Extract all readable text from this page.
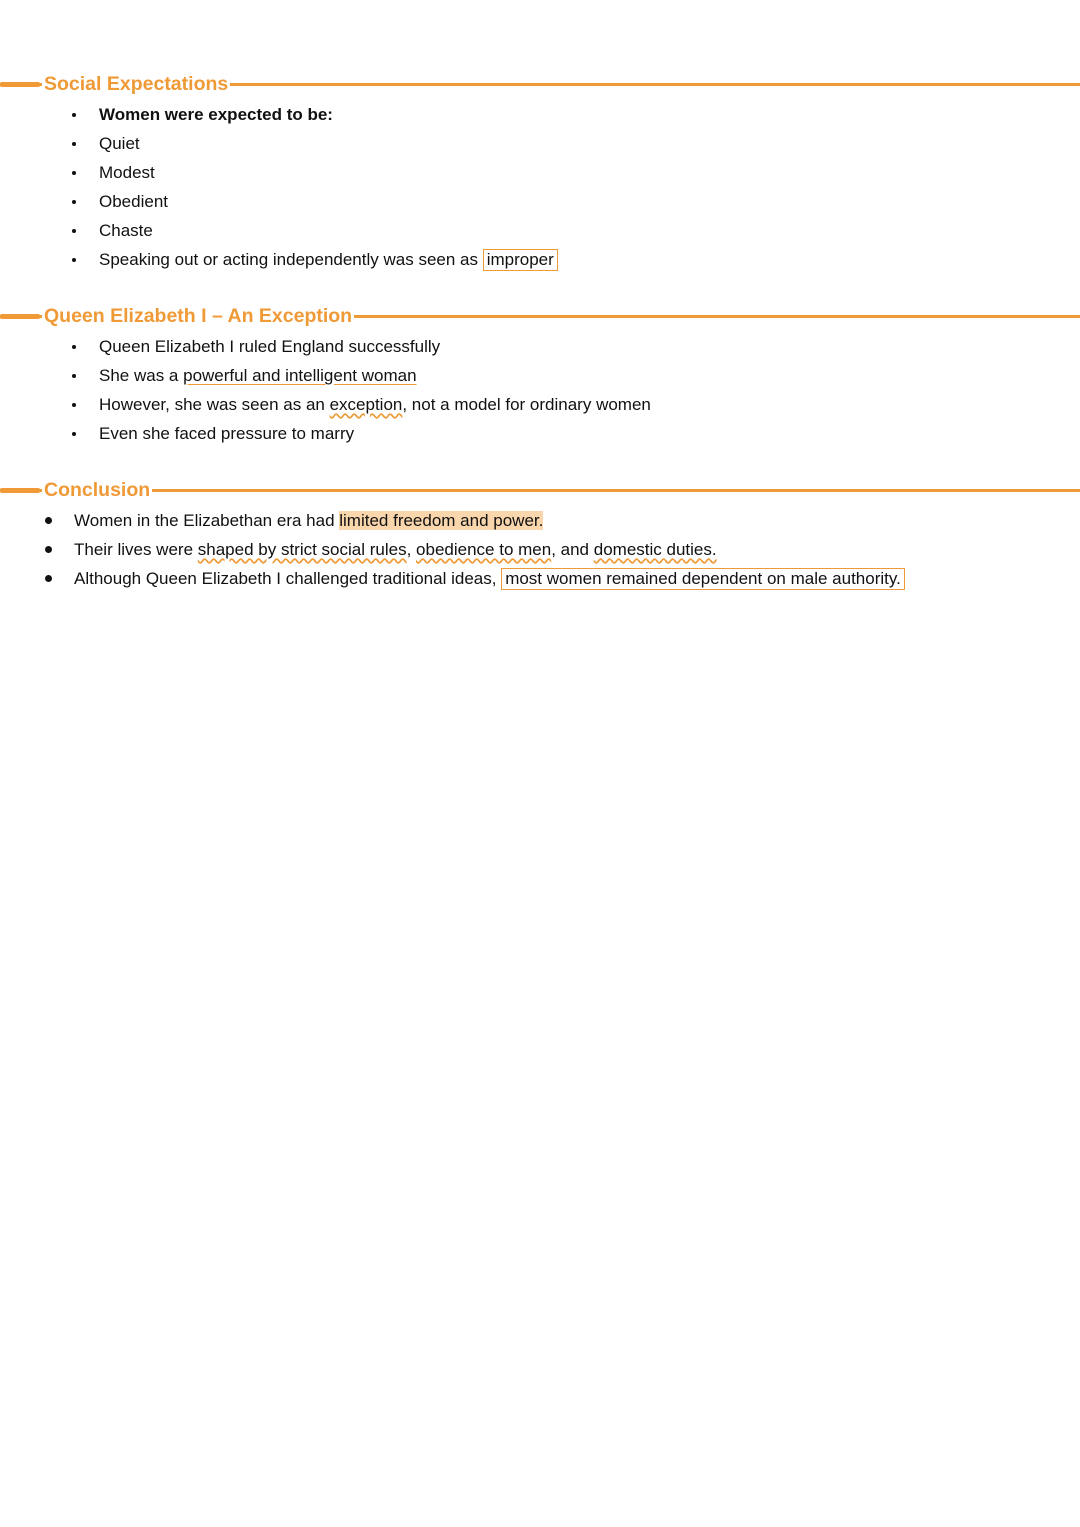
Social Expectations
Women were expected to be:
Quiet
Modest
Obedient
Chaste
Speaking out or acting independently was seen as improper
Queen Elizabeth I – An Exception
Queen Elizabeth I ruled England successfully
She was a powerful and intelligent woman
However, she was seen as an exception, not a model for ordinary women
Even she faced pressure to marry
Conclusion
Women in the Elizabethan era had limited freedom and power.
Their lives were shaped by strict social rules, obedience to men, and domestic duties.
Although Queen Elizabeth I challenged traditional ideas, most women remained dependent on male authority.
